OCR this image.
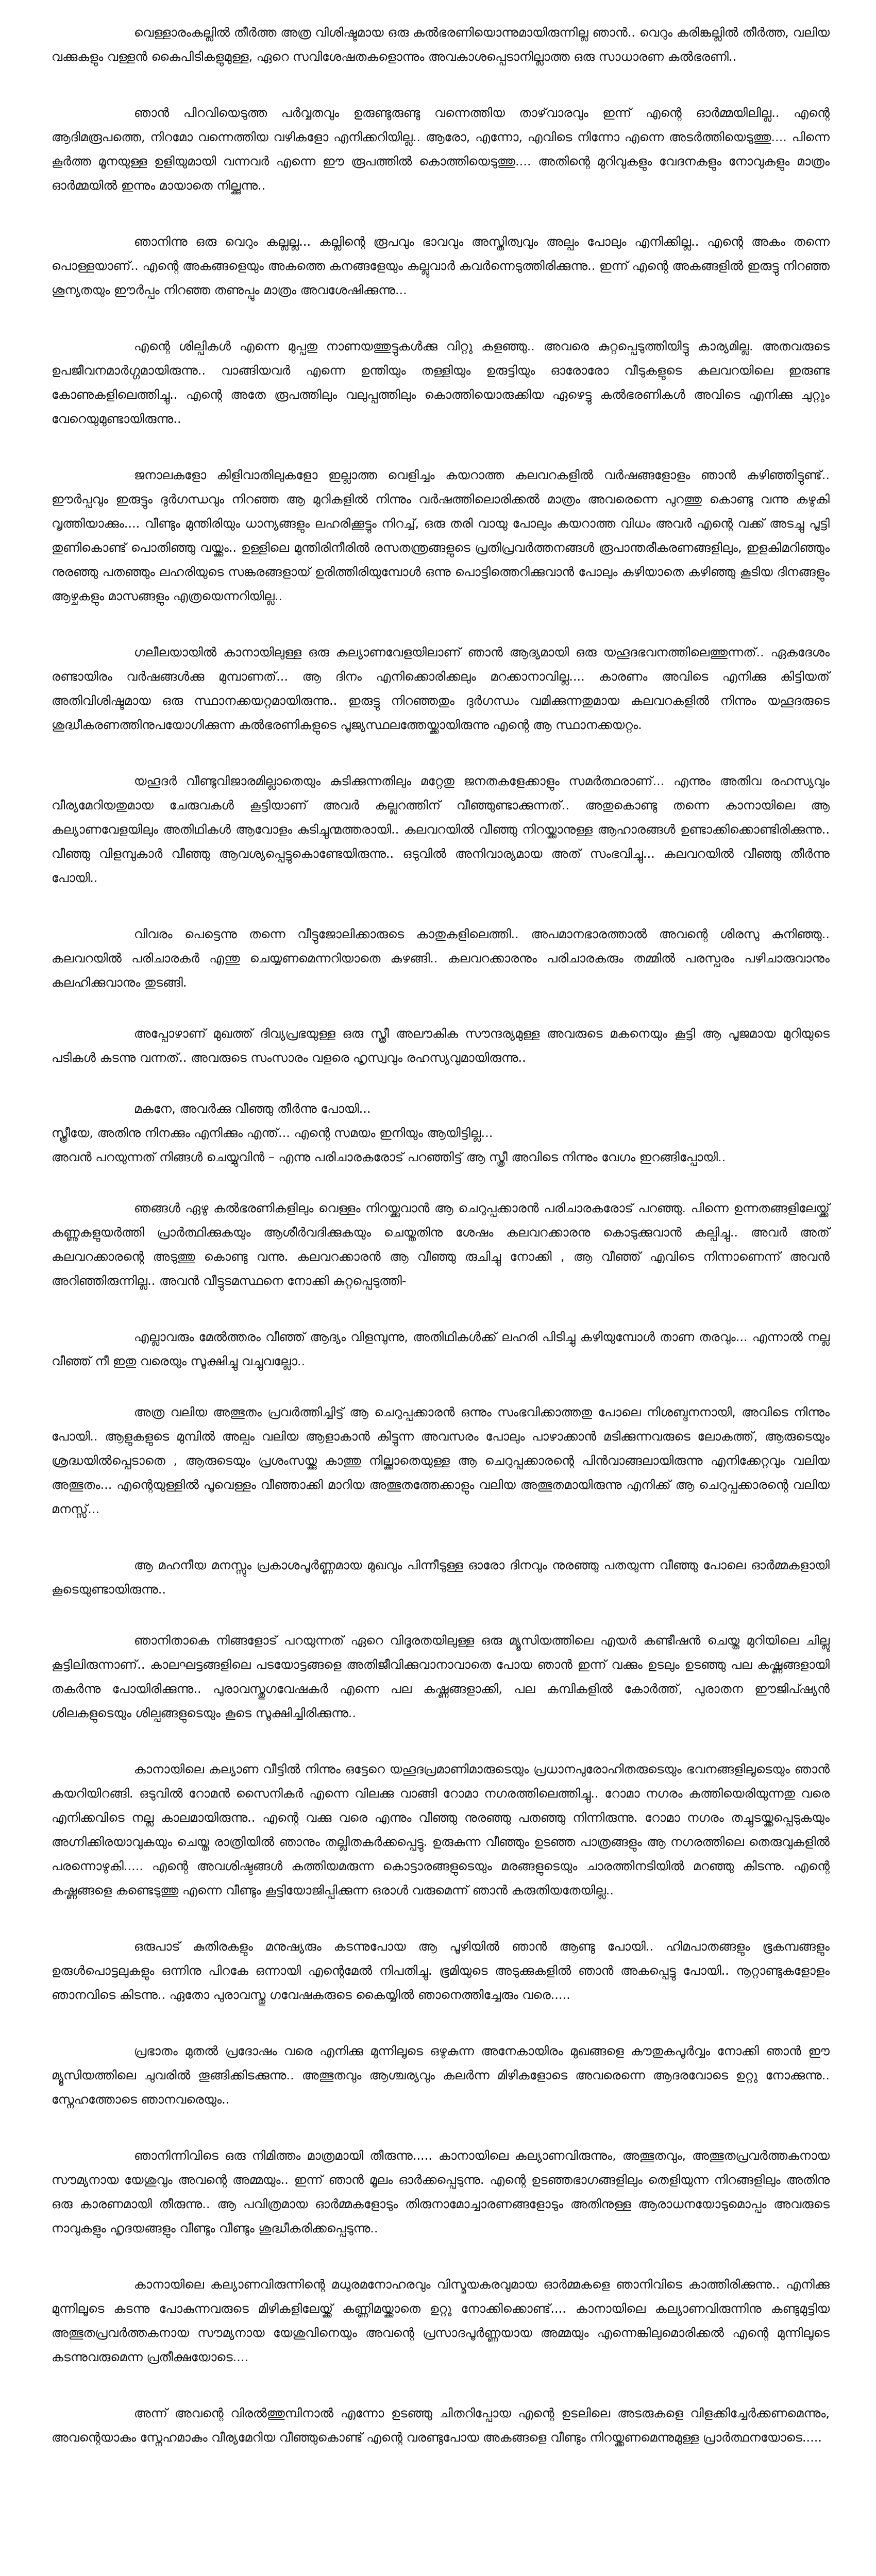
വെള്ളാരംകല്ലിൽ തീർത്ത അത്ര വിശിഷ്ടമായ ഒരു കൽഭരണിയൊന്നുമായിരുന്നില്ല ഞാൻ.. വെറും കരിങ്കല്ലിൽ തീർത്ത, വലിയ വക്കുകളും വള്ളൻ കൈപിടികളുമുള്ള, ഏറെ സവിശേഷതകളൊന്നും അവകാശപ്പെടാനില്ലാത്ത ഒരു സാധാരണ കൽഭരണി..

ഞാൻ പിറവിയെടുത്ത പർവ്വതവും ഉരുണ്ടുരുണ്ടു വന്നെത്തിയ താഴ്‌വാരവും ഇന്ന് എന്റെ ഓർമ്മയിലില്ല.. എന്റെ ആദിമരൂപത്തെ, നിറമോ വന്നെത്തിയ വഴികളോ എനിക്കറിയില്ല.. ആരോ, എന്നോ, എവിടെ നിന്നോ എന്നെ അടർത്തിയെടുത്തു.... പിന്നെ കൂർത്ത മൂനയുള്ള ഉളിയുമായി വന്നവർ എന്നെ ഈ രൂപത്തിൽ കൊത്തിയെടുത്തു.... അതിന്റെ മുറിവുകളും വേദനകളും നോവുകളും മാത്രം ഓർമ്മയിൽ ഇന്നും മായാതെ നില്ക്കുന്നു..

ഞാനിന്നു ഒരു വെറും കല്ലല്ല... കല്ലിന്റെ രൂപവും ഭാവവും അസ്തിത്വവും അല്പം പോലും എനിക്കില്ല.. എന്റെ അകം തന്നെ പൊള്ളയാണ്.. എന്റെ അകങ്ങളെയും അകത്തെ കനങ്ങളേയും കല്ലുവാർ കവർന്നെടുത്തിരിക്കുന്നു.. ഇന്ന് എന്റെ അകങ്ങളിൽ ഇരുട്ടു നിറഞ്ഞ ശൂന്യതയും ഈർപ്പം നിറഞ്ഞ തണുപ്പും മാത്രം അവശേഷിക്കുന്നു...

എന്റെ ശില്പികൾ എന്നെ മുപ്പതു നാണയത്തുട്ടുകൾക്കു വിറ്റു കളഞ്ഞു.. അവരെ കുറ്റപ്പെടുത്തിയിട്ടു കാര്യമില്ല. അതവരുടെ ഉപജീവനമാർഗ്ഗമായിരുന്നു.. വാങ്ങിയവർ എന്നെ ഉന്തിയും തള്ളിയും ഉരുട്ടിയും ഓരോരോ വീടുകളുടെ കലവറയിലെ ഇരുണ്ട കോണുകളിലെത്തിച്ചു.. എന്റെ അതേ രൂപത്തിലും വലുപ്പത്തിലും കൊത്തിയൊരുക്കിയ ഏഴെട്ടു കൽഭരണികൾ അവിടെ എനിക്കു ചുറ്റും വേറെയുമുണ്ടായിരുന്നു..

ജനാലകളോ കിളിവാതിലുകളോ ഇല്ലാത്ത വെളിച്ചം കയറാത്ത കലവറകളിൽ വർഷങ്ങളോളം ഞാൻ കഴിഞ്ഞിട്ടുണ്ട്.. ഈർപ്പവും ഇരുട്ടും ദുർഗന്ധവും നിറഞ്ഞ ആ മുറികളിൽ നിന്നും വർഷത്തിലൊരിക്കൽ മാത്രം അവരെന്നെ പുറത്തു കൊണ്ടു വന്നു കഴുകി വൃത്തിയാക്കും.... വീണ്ടും മുന്തിരിയും ധാന്യങ്ങളും ലഹരിക്കൂട്ടും നിറച്ച്, ഒരു തരി വായു പോലും കയറാത്ത വിധം അവർ എന്റെ വക്ക് അടച്ചു പൂട്ടി തുണികൊണ്ട് പൊതിഞ്ഞു വയ്ക്കും.. ഉള്ളിലെ മുന്തിരിനീരിൽ രസതന്ത്രങ്ങളുടെ പ്രതിപ്രവർത്തനങ്ങൾ രൂപാന്തരീകരണങ്ങളിലും, ഇളകിമറിഞ്ഞും നുരഞ്ഞു പതഞ്ഞും ലഹരിയുടെ സങ്കരങ്ങളായ് ഉരിത്തിരിയുമ്പോൾ ഒന്നു പൊട്ടിത്തെറിക്കുവാൻ പോലും കഴിയാതെ കഴിഞ്ഞു കൂടിയ ദിനങ്ങളും ആഴ്ചകളും മാസങ്ങളും എത്രയെന്നറിയില്ല..

ഗലീലയായിൽ കാനായിലുള്ള ഒരു കല്യാണവേളയിലാണ് ഞാൻ ആദ്യമായി ഒരു യഹൂദഭവനത്തിലെത്തുന്നത്.. ഏകദേശം രണ്ടായിരം വർഷങ്ങൾക്കു മുമ്പാണത്... ആ ദിനം എനിക്കൊരിക്കലും മറക്കാനാവില്ല.... കാരണം അവിടെ എനിക്കു കിട്ടിയത് അതിവിശിഷ്ടമായ ഒരു സ്ഥാനക്കയറ്റമായിരുന്നു.. ഇരുട്ടു നിറഞ്ഞതും ദുർഗന്ധം വമിക്കുന്നതുമായ കലവറകളിൽ നിന്നും യഹൂദരുടെ ശുദ്ധീകരണത്തിനുപയോഗിക്കുന്ന കൽഭരണികളുടെ പൂജ്യസ്ഥലത്തേയ്ക്കായിരുന്നു എന്റെ ആ സ്ഥാനക്കയറ്റം.

യഹൂദർ വീണ്ടുവിജാരമില്ലാതെയും കുടിക്കുന്നതിലും മറ്റേതു ജനതകളേക്കാളും സമർത്ഥരാണ്... എന്നും അതിവ രഹസ്യവും വീര്യമേറിയതുമായ ചേരുവകൾ കൂട്ടിയാണ് അവർ കല്ലറത്തിന് വീഞ്ഞുണ്ടാക്കുന്നത്.. അതുകൊണ്ടു തന്നെ കാനായിലെ ആ കല്യാണവേളയിലും അതിഥികൾ ആവോളം കുടിച്ചുന്മത്തരായി.. കലവറയിൽ വീഞ്ഞു നിറയ്ക്കാനുള്ള ആഹാരങ്ങൾ ഉണ്ടാക്കിക്കൊണ്ടിരിക്കുന്നു.. വീഞ്ഞു വിളമ്പുകാർ വീഞ്ഞു ആവശ്യപ്പെട്ടുകൊണ്ടേയിരുന്നു.. ഒടുവിൽ അനിവാര്യമായ അത് സംഭവിച്ചു... കലവറയിൽ വീഞ്ഞു തീർന്നു പോയി..

വിവരം പെട്ടെന്നു തന്നെ വീട്ടുജോലിക്കാരുടെ കാതുകളിലെത്തി.. അപമാനഭാരത്താൽ അവന്റെ ശിരസു കുനിഞ്ഞു.. കലവറയിൽ പരിചാരകർ എന്തു ചെയ്യണമെന്നറിയാതെ കുഴങ്ങി.. കലവറക്കാരനും പരിചാരകരും തമ്മിൽ പരസ്പരം പഴിചാരുവാനും കലഹിക്കുവാനും തുടങ്ങി.

അപ്പോഴാണ് മുഖത്ത് ദിവ്യപ്രഭയുള്ള ഒരു സ്ത്രീ അലൗകിക സൗന്ദര്യമുള്ള അവരുടെ മകനെയും കൂട്ടി ആ പൂജമായ മുറിയുടെ പടികൾ കടന്നു വന്നത്.. അവരുടെ സംസാരം വളരെ ഹൃസ്വവും രഹസ്യവുമായിരുന്നു..

മകനേ, അവർക്കു വീഞ്ഞു തീർന്നു പോയി...
സ്ത്രീയേ, അതിനു നിനക്കും എനിക്കും എന്ത്... എന്റെ സമയം ഇനിയും ആയിട്ടില്ല...
അവൻ പറയുന്നത് നിങ്ങൾ ചെയ്യുവിൻ – എന്നു പരിചാരകരോട് പറഞ്ഞിട്ട് ആ സ്ത്രീ അവിടെ നിന്നും വേഗം ഇറങ്ങിപ്പോയി..

ഞങ്ങൾ ഏഴു കൽഭരണികളിലും വെള്ളം നിറയ്ക്കുവാൻ ആ ചെറുപ്പക്കാരൻ പരിചാരകരോട് പറഞ്ഞു. പിന്നെ ഉന്നതങ്ങളിലേയ്ക്ക് കണ്ണുകളുയർത്തി പ്രാർത്ഥിക്കുകയും ആശീർവദിക്കുകയും ചെയ്തതിനു ശേഷം കലവറക്കാരനു കൊടുക്കുവാൻ കല്പിച്ചു.. അവർ അത് കലവറക്കാരന്റെ അടുത്തു കൊണ്ടു വന്നു. കലവറക്കാരൻ ആ വീഞ്ഞു രുചിച്ചു നോക്കി , ആ വീഞ്ഞ് എവിടെ നിന്നാണെന്ന് അവൻ അറിഞ്ഞിരുന്നില്ല.. അവൻ വീട്ടുടമസ്ഥനെ നോക്കി കുറ്റപ്പെടുത്തി-

എല്ലാവരും മേൽത്തരം വീഞ്ഞ് ആദ്യം വിളമ്പുന്നു, അതിഥികൾക്ക് ലഹരി പിടിച്ചു കഴിയുമ്പോൾ താണ തരവും... എന്നാൽ നല്ല വീഞ്ഞ് നീ ഇതു വരെയും സൂക്ഷിച്ചു വച്ചുവല്ലോ..

അത്ര വലിയ അത്ഭുതം പ്രവർത്തിച്ചിട്ട് ആ ചെറുപ്പക്കാരൻ ഒന്നും സംഭവിക്കാത്തതു പോലെ നിശബ്ദനനായി, അവിടെ നിന്നും പോയി.. ആളുകളുടെ മുമ്പിൽ അല്പം വലിയ ആളാകാൻ കിട്ടുന്ന അവസരം പോലും പാഴാക്കാൻ മടിക്കുന്നവരുടെ ലോകത്ത്, ആരുടെയും ശ്രദ്ധയിൽപ്പെടാതെ , ആരുടെയും പ്രശംസയ്ക്കു കാത്തു നില്ക്കാതെയുള്ള ആ ചെറുപ്പക്കാരന്റെ പിൻവാങ്ങലായിരുന്നു എനിക്കേറ്റവും വലിയ അത്ഭുതം... എന്റെയുള്ളിൽ പൂവെള്ളം വീഞ്ഞാക്കി മാറിയ അത്ഭുതത്തേക്കാളും വലിയ അത്ഭുതമായിരുന്നു എനിക്ക് ആ ചെറുപ്പക്കാരന്റെ വലിയ മനസ്സ്...

ആ മഹനീയ മനസ്സും പ്രകാശപൂർണ്ണമായ മുഖവും പിന്നീടുള്ള ഓരോ ദിനവും നുരഞ്ഞു പതയുന്ന വീഞ്ഞു പോലെ ഓർമ്മകളായി കൂടെയുണ്ടായിരുന്നു..

ഞാനിതാകെ നിങ്ങളോട് പറയുന്നത് ഏറെ വിദൂരതയിലുള്ള ഒരു മ്യൂസിയത്തിലെ എയർ കണ്ടീഷൻ ചെയ്ത മുറിയിലെ ചില്ലു കൂട്ടിലിരുന്നാണ്.. കാലഘട്ടങ്ങളിലെ പടയോട്ടങ്ങളെ അതിജീവിക്കുവാനാവാതെ പോയ ഞാൻ ഇന്ന് വക്കും ഉടലും ഉടഞ്ഞു പല കഷ്ണങ്ങളായി തകർന്നു പോയിരിക്കുന്നു.. പുരാവസ്തുഗവേഷകർ എന്നെ പല കഷ്ണങ്ങളാക്കി, പല കമ്പികളിൽ കോർത്ത്, പുരാതന ഈജിപ്ഷ്യൻ ശിലകളുടെയും ശില്പങ്ങളുടെയും കൂടെ സൂക്ഷിച്ചിരിക്കുന്നു..

കാനായിലെ കല്യാണ വീട്ടിൽ നിന്നും ഒട്ടേറെ യഹൂദപ്രമാണിമാരുടെയും പ്രധാനപുരോഹിതരുടെയും ഭവനങ്ങളിലൂടെയും ഞാൻ കയറിയിറങ്ങി. ഒടുവിൽ റോമൻ സൈനികർ എന്നെ വിലക്കു വാങ്ങി റോമാ നഗരത്തിലെത്തിച്ചു.. റോമാ നഗരം കത്തിയെരിയുന്നതു വരെ എനിക്കവിടെ നല്ല കാലമായിരുന്നു.. എന്റെ വക്കു വരെ എന്നും വീഞ്ഞു നുരഞ്ഞു പതഞ്ഞു നിന്നിരുന്നു. റോമാ നഗരം തച്ചുടയ്ക്കപ്പെടുകയും അഗ്നിക്കിരയാവുകയും ചെയ്ത രാത്രിയിൽ ഞാനും തല്ലിതകർക്കപ്പെട്ടു. ഉരുകുന്ന വീഞ്ഞും ഉടഞ്ഞ പാത്രങ്ങളും ആ നഗരത്തിലെ തെരുവുകളിൽ പരന്നൊഴുകി..... എന്റെ അവശിഷ്ടങ്ങൾ കത്തിയമരുന്ന കൊട്ടാരങ്ങളുടെയും മരങ്ങളുടെയും ചാരത്തിനടിയിൽ മറഞ്ഞു കിടന്നു. എന്റെ കഷ്ണങ്ങളെ കണ്ടെടുത്തു എന്നെ വീണ്ടും കൂട്ടിയോജിപ്പിക്കുന്ന ഒരാൾ വരുമെന്ന് ഞാൻ കരുതിയതേയില്ല..

ഒരുപാട് കുതിരകളും മനുഷ്യരും കടന്നുപോയ ആ പൂഴിയിൽ ഞാൻ ആണ്ടു പോയി.. ഹിമപാതങ്ങളും ഭൂകമ്പങ്ങളും ഉരുൾപൊട്ടലുകളും ഒന്നിനു പിറകേ ഒന്നായി എന്റെമേൽ നിപതിച്ചു. ഭൂമിയുടെ അടുക്കുകളിൽ ഞാൻ അകപ്പെട്ടു പോയി.. നൂറ്റാണ്ടുകളോളം ഞാനവിടെ കിടന്നു.. ഏതോ പുരാവസ്തു ഗവേഷകരുടെ കൈയ്യിൽ ഞാനെത്തിച്ചേരും വരെ.....

പ്രഭാതം മുതൽ പ്രദോഷം വരെ എനിക്കു മുന്നിലൂടെ ഒഴുകുന്ന അനേകായിരം മുഖങ്ങളെ കൗതുകപൂർവ്വം നോക്കി ഞാൻ ഈ മ്യൂസിയത്തിലെ ചുവരിൽ തൂങ്ങിക്കിടക്കുന്നു.. അത്ഭുതവും ആശ്ചര്യവും കലർന്ന മിഴികളോടെ അവരെന്നെ ആദരവോടെ ഉറ്റു നോക്കുന്നു.. സ്നേഹത്തോടെ ഞാനവരെയും..

ഞാനിന്നിവിടെ ഒരു നിമിത്തം മാത്രമായി തീരുന്നു..... കാനായിലെ കല്യാണവിരുന്നും, അത്ഭുതവും, അത്ഭുതപ്രവർത്തകനായ സൗമ്യനായ യേശുവും അവന്റെ അമ്മയും.. ഇന്ന് ഞാൻ മൂലം ഓർക്കപ്പെടുന്നു. എന്റെ ഉടഞ്ഞഭാഗങ്ങളിലും തെളിയുന്ന നിറങ്ങളിലും അതിനു ഒരു കാരണമായി തീരുന്നു.. ആ പവിത്രമായ ഓർമ്മകളോടും തിരുനാമോച്ചാരണങ്ങളോടും അതിനുള്ള ആരാധനയോടുമൊപ്പം അവരുടെ നാവുകളും ഹൃദയങ്ങളും വീണ്ടും വീണ്ടും ശുദ്ധീകരിക്കപ്പെടുന്നു..

കാനായിലെ കല്യാണവിരുന്നിന്റെ മധുരമനോഹരവും വിസ്മയകരവുമായ ഓർമ്മകളെ ഞാനിവിടെ കാത്തിരിക്കുന്നു.. എനിക്കു മുന്നിലൂടെ കടന്നു പോകുന്നവരുടെ മിഴികളിലേയ്ക്ക് കണ്ണിമയ്ക്കാതെ ഉറ്റു നോക്കിക്കൊണ്ട്.... കാനായിലെ കല്യാണവിരുന്നിനു കണ്ടുമുട്ടിയ അത്ഭുതപ്രവർത്തകനായ സൗമ്യനായ യേശുവിനെയും അവന്റെ പ്രസാദപൂർണ്ണയായ അമ്മയും എന്നെങ്കിലുമൊരിക്കൽ എന്റെ മുന്നിലൂടെ കടന്നുവരുമെന്ന പ്രതീക്ഷയോടെ....

അന്ന് അവന്റെ വിരൽത്തുമ്പിനാൽ എന്നോ ഉടഞ്ഞു ചിതറിപ്പോയ എന്റെ ഉടലിലെ അടരുകളെ വിളക്കിച്ചേർക്കണമെന്നും, അവന്റെയാകും സ്നേഹമാകും വീര്യമേറിയ വീഞ്ഞുകൊണ്ട് എന്റെ വരണ്ടുപോയ അകങ്ങളെ വീണ്ടും നിറയ്ക്കണമെന്നുമുള്ള പ്രാർത്ഥനയോടെ.....
